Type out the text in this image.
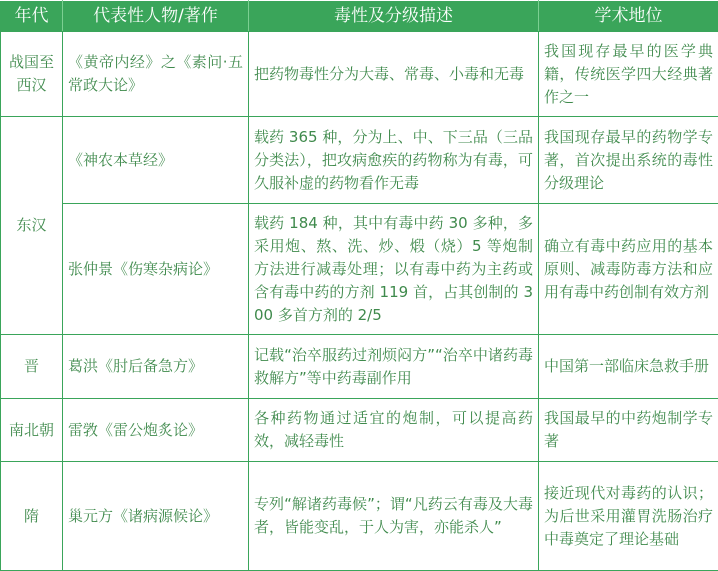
年代	代表性人物/著作	毒性及分级描述	学术地位

战国至西汉	《黄帝内经》之《素问·五常政大论》	把药物毒性分为大毒、常毒、小毒和无毒	我国现存最早的医学典籍，传统医学四大经典著作之一

东汉	《神农本草经》	载药 365 种，分为上、中、下三品（三品分类法），把攻病愈疾的药物称为有毒，可久服补虚的药物看作无毒	我国现存最早的药物学专著，首次提出系统的毒性分级理论

	张仲景《伤寒杂病论》	载药 184 种，其中有毒中药 30 多种，多采用炮、熬、洗、炒、煅（烧）5 等炮制方法进行减毒处理；以有毒中药为主药或含有毒中药的方剂 119 首，占其创制的 300 多首方剂的 2/5	确立有毒中药应用的基本原则、减毒防毒方法和应用有毒中药创制有效方剂

晋	葛洪《肘后备急方》	记载“治卒服药过剂烦闷方”“治卒中诸药毒救解方”等中药毒副作用	中国第一部临床急救手册

南北朝	雷敩《雷公炮炙论》	各种药物通过适宜的炮制，可以提高药效，减轻毒性	我国最早的中药炮制学专著

隋	巢元方《诸病源候论》	专列“解诸药毒候”；谓“凡药云有毒及大毒者，皆能变乱，于人为害，亦能杀人”	接近现代对毒药的认识；为后世采用灌胃洗肠治疗中毒奠定了理论基础
